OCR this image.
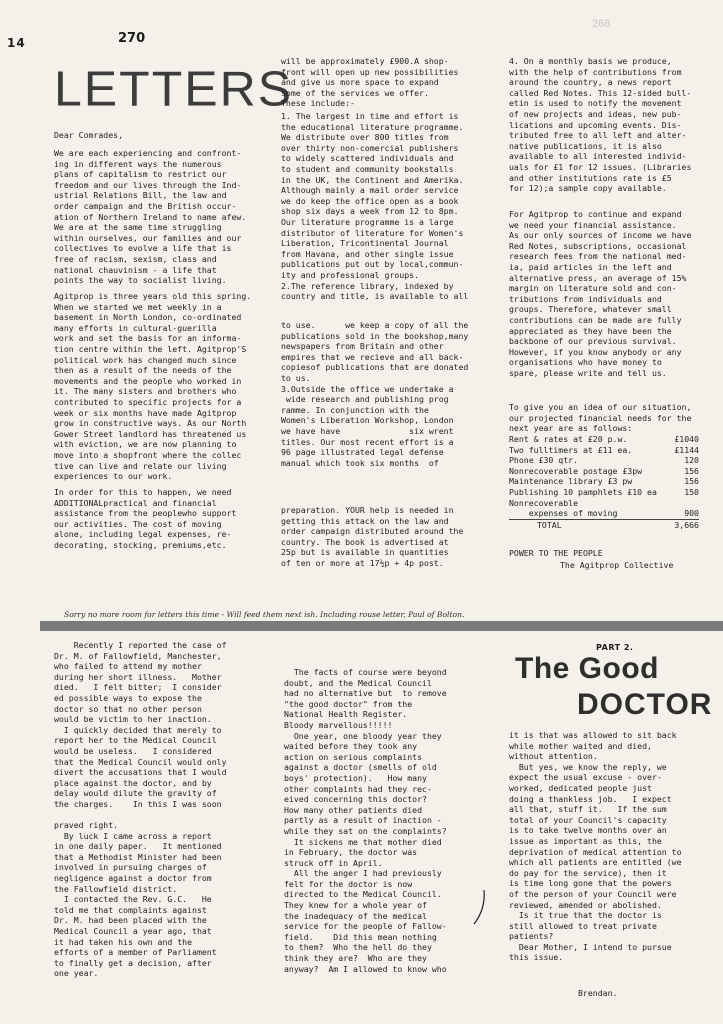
14	270
268
LETTERS
Dear Comrades,
We are each experiencing and confront-
ing in different ways the numerous
plans of capitalism to restrict our
freedom and our lives through the Ind-
ustrial Relations Bill, the law and
order campaign and the British occur-
ation of Northern Ireland to name afew.
We are at the same time struggling
within ourselves, our families and our
collectives to evolve a life that is
free of racism, sexism, class and
national chauvinism - a life that
points the way to socialist living.
Agitprop is three years old this spring.
When we started we met weekly in a
basement in North London, co-ordinated
many efforts in cultural-guerilla
work and set the basis for an informa-
tion centre within the left. Agitprop'S
political work has changed much since
then as a result of the needs of the
movements and the people who worked in
it. The many sisters and brothers who
contributed to specific projects for a
week or six months have made Agitprop
grow in constructive ways. As our North
Gower Street landlord has threatened us
with eviction, we are now planning to
move into a shopfront where the collec
tive can live and relate our living
experiences to our work.
In order for this to happen, we need
ADDITIONALpractical and financial
assistance from the peoplewho support
our activities. The cost of moving
alone, including legal expenses, re-
decorating, stocking, premiums,etc.
will be approximately £900.A shop-
front will open up new possibilities
and give us more space to expand
some of the services we offer.
These include:-
1. The largest in time and effort is
the educational literature programme.
We distribute over 800 titles from
over thirty non-comercial publishers
to widely scattered individuals and
to student and community bookstalls
in the UK, the Continent and Amerika.
Although mainly a mail order service
we do keep the office open as a book
shop six days a week from 12 to 8pm.
Our literature programme is a large
distributor of literature for Women's
Liberation, Tricontinental Journal
from Havana, and other single issue
publications put out by local,commun-
ity and professional groups.
2.The reference library, indexed by
country and title, is available to all
to use.      we keep a copy of all the
publications sold in the bookshop,many
newspapers from Britain and other
empires that we recieve and all back-
copiesof publications that are donated
to us.
3.Outside the office we undertake a
wide research and publishing prog
ramme. In conjunction with the
Women's Liberation Workshop, London
we have have              six wrent
titles. Our most recent effort is a
96 page illustrated legal defense
manual which took six months  of
preparation. YOUR help is needed in
getting this attack on the law and
order campaign distributed around the
country. The book is advertised at
25p but is available in quantities
of ten or more at 17½p + 4p post.
4. On a monthly basis we produce,
with the help of contributions from
around the country, a news report
called Red Notes. This 12-sided bull-
etin is used to notify the movement
of new projects and ideas, new pub-
lications and upcoming events. Dis-
tributed free to all left and alter-
native publications, it is also
available to all interested individ-
uals for £1 for 12 issues. (Libraries
and other institutions rate is £5
for 12);a sample copy available.
For Agitprop to continue and expand
we need your financial assistance.
As our only sources of income we have
Red Notes, subscriptions, occasional
research fees from the national med-
ia, paid articles in the left and
alternative press, an average of 15%
margin on literature sold and con-
tributions from individuals and
groups. Therefore, whatever small
contributions can be made are fully
appreciated as they have been the
backbone of our previous survival.
However, if you know anybody or any
organisations who have money to
spare, please write and tell us.
To give you an idea of our situation,
our projected financial needs for the
next year are as follows:
Rent & rates at £20 p.w.	£1040
Two fulltimers at £11 ea.	£1144
Phone £30 qtr.	120
Nonrecoverable postage £3pw	156
Maintenance library £3 pw	156
Publishing 10 pamphlets £10 ea	150
Nonrecoverable
expenses of moving	900
TOTAL	3,666
POWER TO THE PEOPLE
The Agitprop Collective
Sorry no more room for letters this time - Will feed them next ish. Including rouse letter, Paul of Bolton.
Recently I reported the case of
Dr. M. of Fallowfield, Manchester,
who failed to attend my mother
during her short illness.   Mother
died.   I felt bitter;  I consider
ed possible ways to expose the
doctor so that no other person
would be victim to her inaction.
I quickly decided that merely to
report her to the Medical Council
would be useless.   I considered
that the Medical Council would only
divert the accusations that I would
place against the doctor, and by
delay would dilute the gravity of
the charges.    In this I was soon

praved right.
By luck I came across a report
in one daily paper.   It mentioned
that a Methodist Minister had been
involved in pursuing charges of
negligence against a doctor from
the Fallowfield district.
I contacted the Rev. G.C.   He
told me that complaints against
Dr. M. had been placed with the
Medical Council a year ago, that
it had taken his own and the
efforts of a member of Parliament
to finally get a decision, after
one year.
The facts of course were beyond
doubt, and the Medical Council
had no alternative but  to remove
"the good doctor" from the
National Health Register.
Bloody marvellous!!!!!
One year, one bloody year they
waited before they took any
action on serious complaints
against a doctor (smells of old
boys' protection).   How many
other complaints had they rec-
eived concerning this doctor?
How many other patients died
partly as a result of inaction -
while they sat on the complaints?
It sickens me that mother died
in February, the doctor was
struck off in April.
All the anger I had previously
felt for the doctor is now
directed to the Medical Council.
They knew for a whole year of
the inadequacy of the medical
service for the people of Fallow-
field.    Did this mean nothing
to them?  Who the hell do they
think they are?  Who are they
anyway?  Am I allowed to know who
PART 2.
The Good
DOCTOR
it is that was allowed to sit back
while mother waited and died,
without attention.
But yes, we know the reply, we
expect the usual excuse - over-
worked, dedicated people just
doing a thankless job.   I expect
all that, stuff it.   If the sum
total of your Council's capacity
is to take twelve months over an
issue as important as this, the
deprivation of medical attention to
which all patients are entitled (we
do pay for the service), then it
is time long gone that the powers
of the person of your Council were
reviewed, amended or abolished.
Is it true that the doctor is
still allowed to treat private
patients?
Dear Mother, I intend to pursue
this issue.
Brendan.
